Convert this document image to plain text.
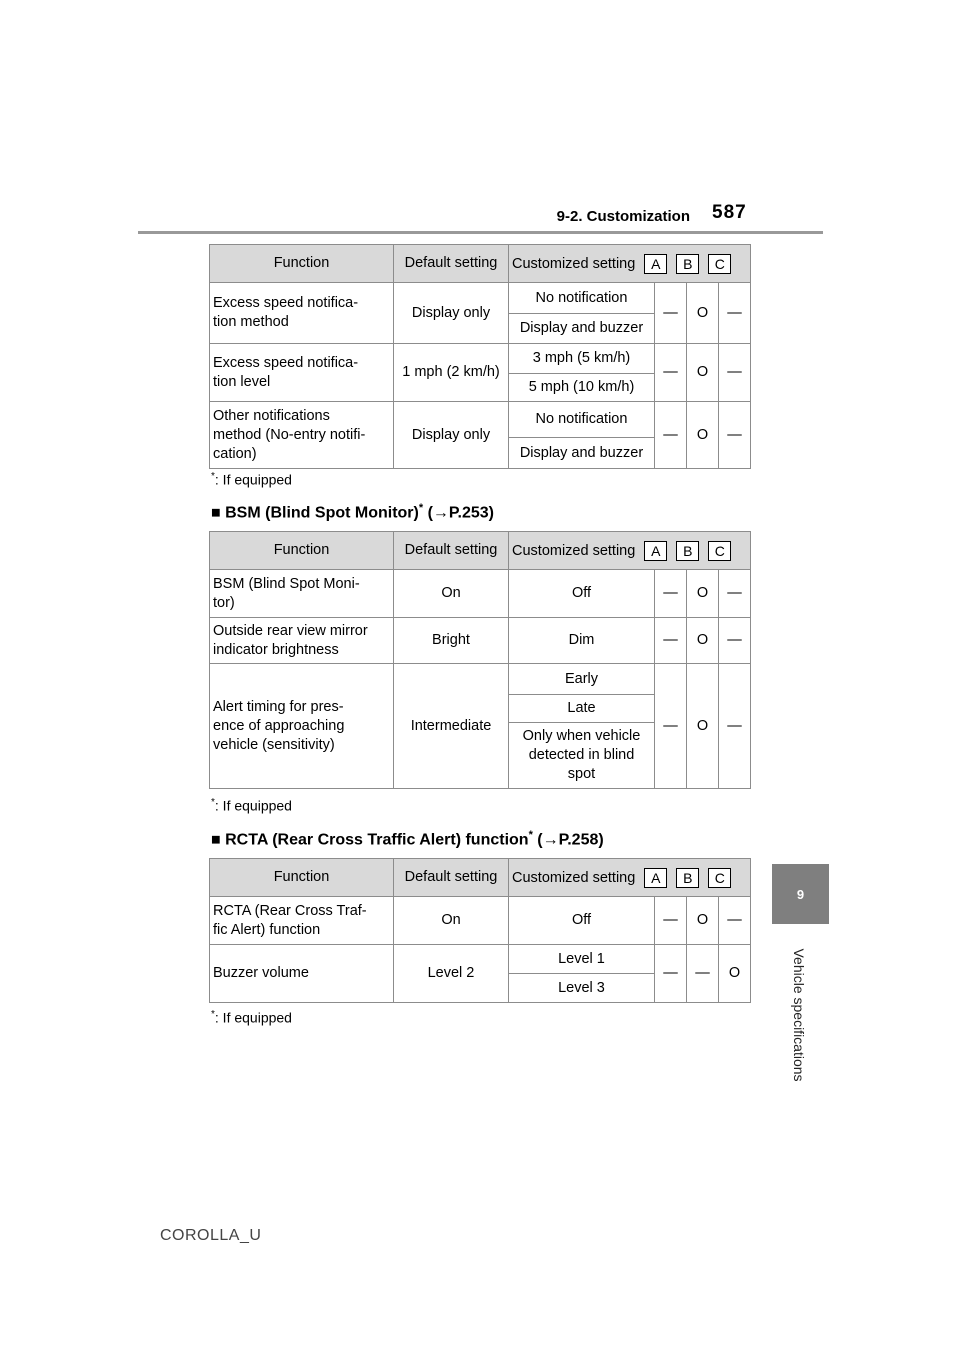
9-2. Customization 587
9
Vehicle specifications
Function	Default setting	Customized setting A B C			

Excess speed notifica-
tion method	Display only	No notification	—	O	—
		Display and buzzer			
Excess speed notifica-
tion level	1 mph (2 km/h)	3 mph (5 km/h)	—	O	—
		5 mph (10 km/h)			
Other notifications
method (No-entry notifi-
cation)	Display only	No notification	—	O	—
		Display and buzzer			
*: If equipped
■ BSM (Blind Spot Monitor)* (→P.253)
Function	Default setting	Customized setting A B C			

BSM (Blind Spot Moni-
tor)	On	Off	—	O	—
Outside rear view mirror
indicator brightness	Bright	Dim	—	O	—
Alert timing for pres-
ence of approaching
vehicle (sensitivity)	Intermediate	Early	—	O	—
		Late			
		Only when vehicle
detected in blind
spot			
*: If equipped
■ RCTA (Rear Cross Traffic Alert) function* (→P.258)
Function	Default setting	Customized setting A B C			

RCTA (Rear Cross Traf-
fic Alert) function	On	Off	—	O	—
Buzzer volume	Level 2	Level 1	—	—	O
		Level 3			
*: If equipped
COROLLA_U
